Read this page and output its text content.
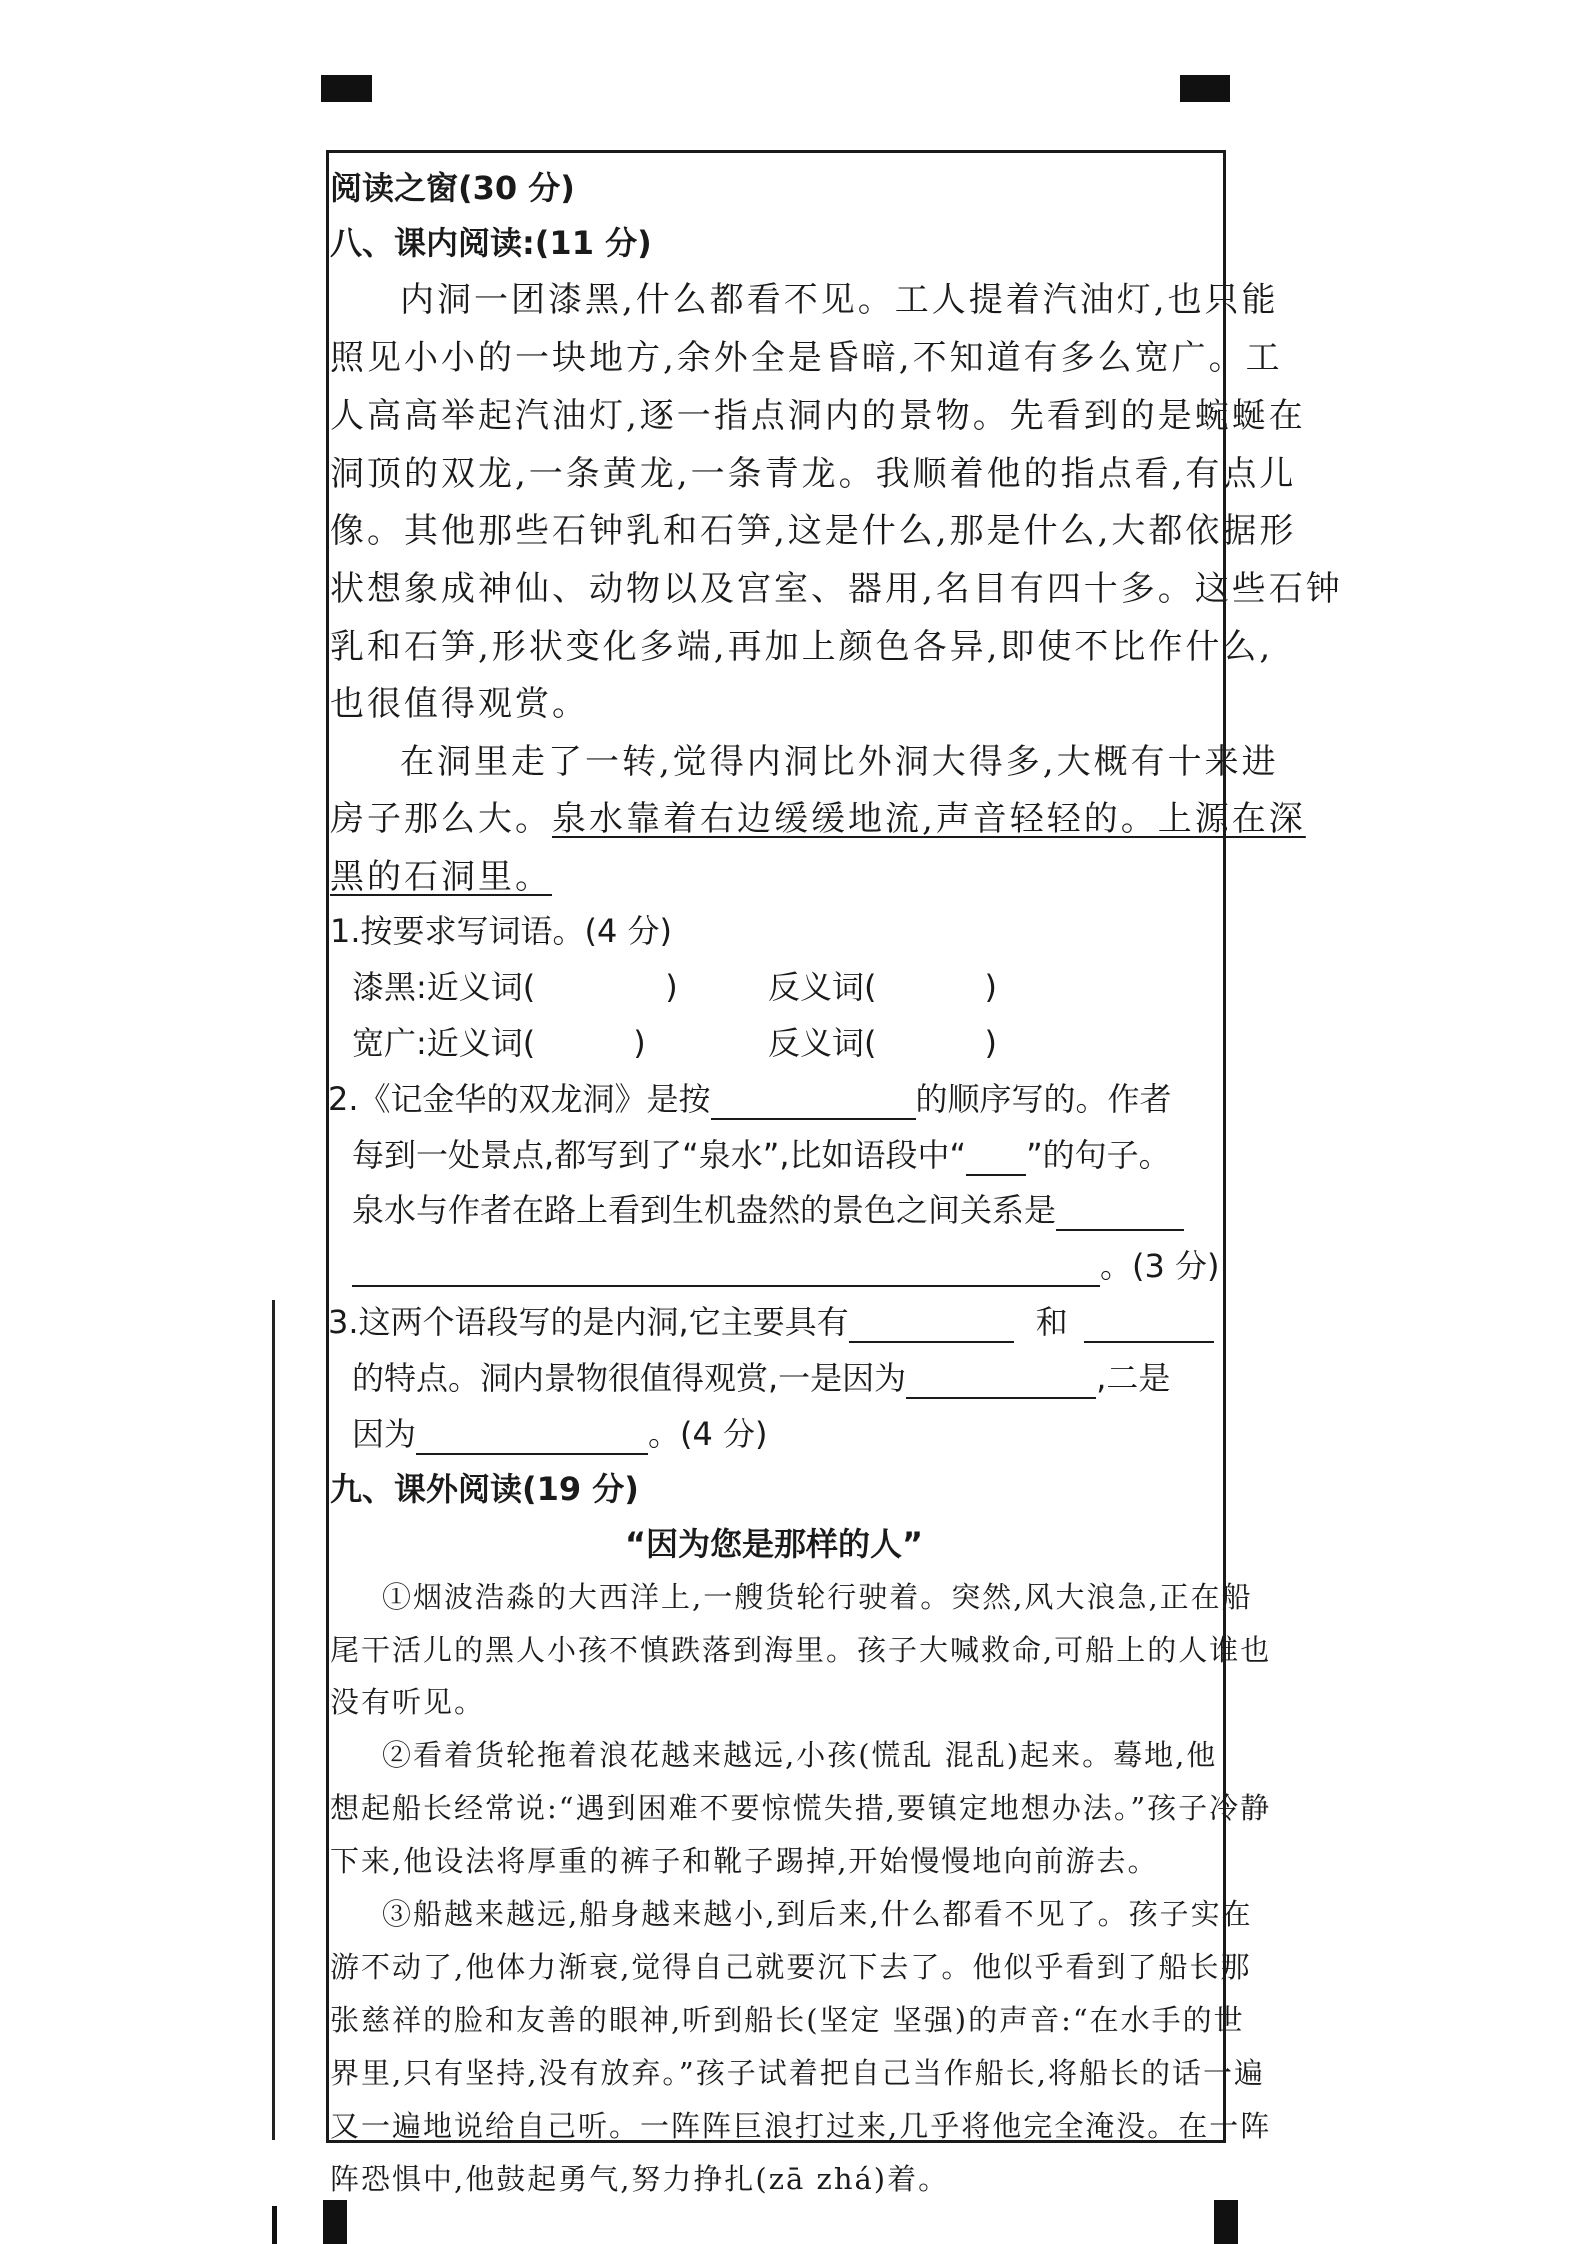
阅读之窗(30 分)
八、课内阅读:(11 分)
内洞一团漆黑,什么都看不见。工人提着汽油灯,也只能
照见小小的一块地方,余外全是昏暗,不知道有多么宽广。工
人高高举起汽油灯,逐一指点洞内的景物。先看到的是蜿蜒在
洞顶的双龙,一条黄龙,一条青龙。我顺着他的指点看,有点儿
像。其他那些石钟乳和石笋,这是什么,那是什么,大都依据形
状想象成神仙、动物以及宫室、器用,名目有四十多。这些石钟
乳和石笋,形状变化多端,再加上颜色各异,即使不比作什么,
也很值得观赏。
在洞里走了一转,觉得内洞比外洞大得多,大概有十来进
房子那么大。泉水靠着右边缓缓地流,声音轻轻的。上源在深
黑的石洞里。
1.按要求写词语。(4 分)
漆黑:近义词(	)	反义词(	)
宽广:近义词(	)	反义词(	)
2.《记金华的双龙洞》是按	的顺序写的。作者
每到一处景点,都写到了“泉水”,比如语段中“ ”的句子。
泉水与作者在路上看到生机盎然的景色之间关系是
。(3 分)
3.这两个语段写的是内洞,它主要具有	和
的特点。洞内景物很值得观赏,一是因为	,二是
因为	。(4 分)
九、课外阅读(19 分)
“因为您是那样的人”
①烟波浩淼的大西洋上,一艘货轮行驶着。突然,风大浪急,正在船
尾干活儿的黑人小孩不慎跌落到海里。孩子大喊救命,可船上的人谁也
没有听见。
②看着货轮拖着浪花越来越远,小孩(慌乱 混乱)起来。蓦地,他
想起船长经常说:“遇到困难不要惊慌失措,要镇定地想办法。”孩子冷静
下来,他设法将厚重的裤子和靴子踢掉,开始慢慢地向前游去。
③船越来越远,船身越来越小,到后来,什么都看不见了。孩子实在
游不动了,他体力渐衰,觉得自己就要沉下去了。他似乎看到了船长那
张慈祥的脸和友善的眼神,听到船长(坚定 坚强)的声音:“在水手的世
界里,只有坚持,没有放弃。”孩子试着把自己当作船长,将船长的话一遍
又一遍地说给自己听。一阵阵巨浪打过来,几乎将他完全淹没。在一阵
阵恐惧中,他鼓起勇气,努力挣扎(zā zhá)着。
